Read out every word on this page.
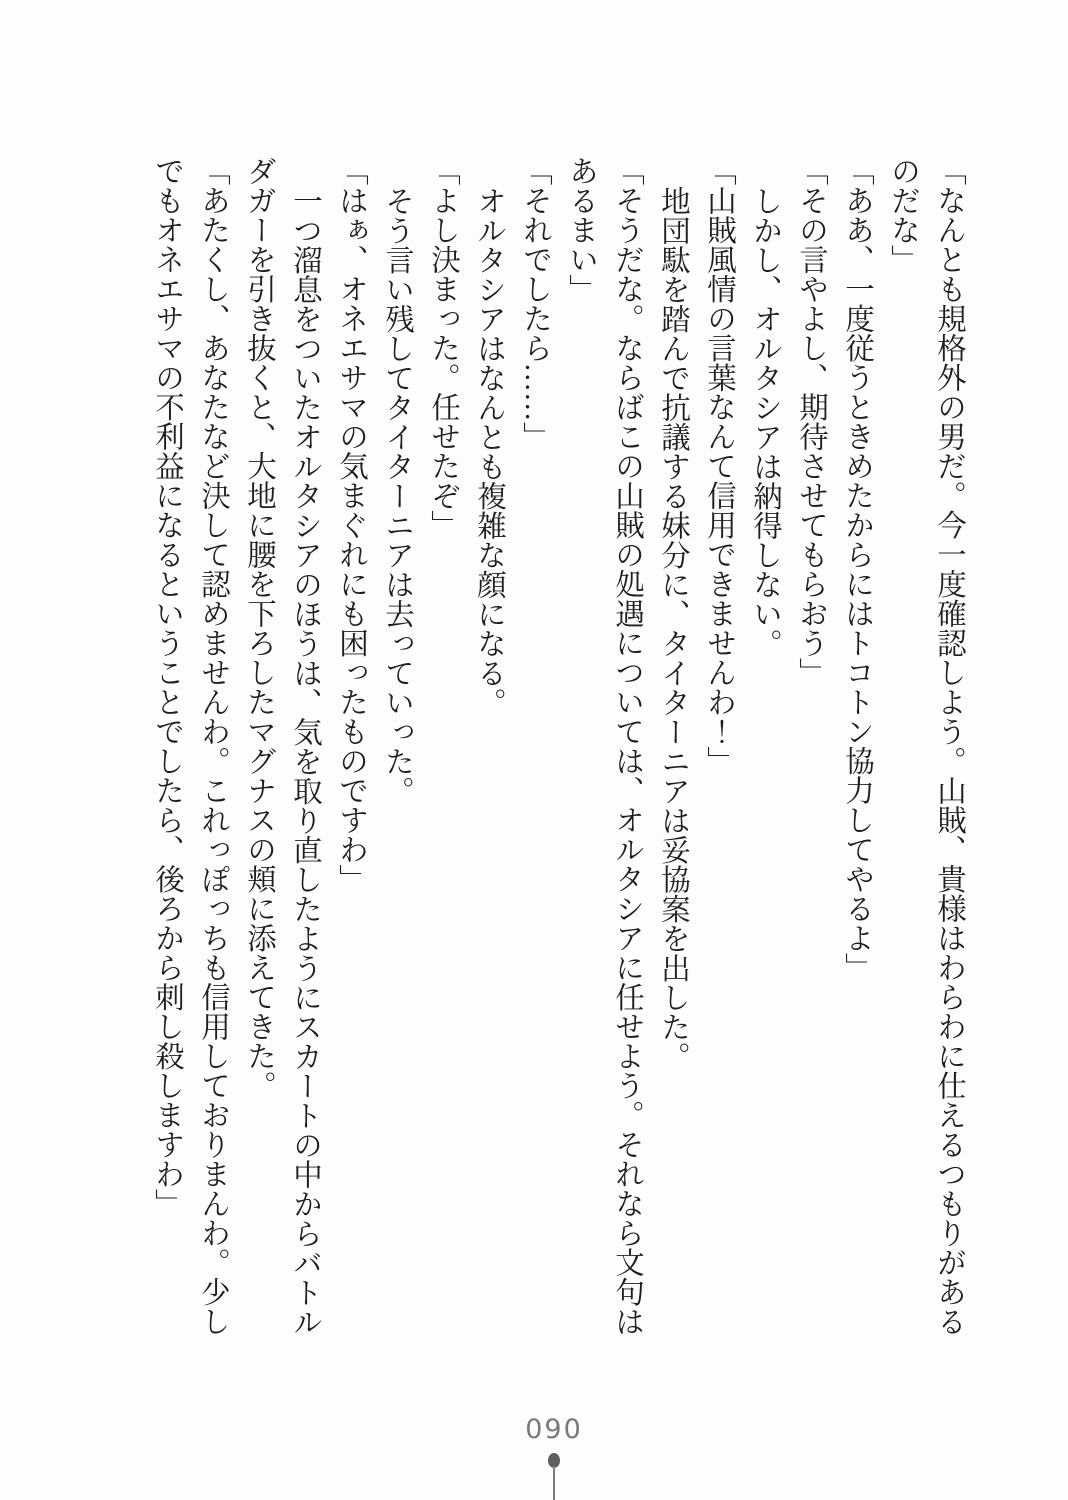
「なんとも規格外の男だ。今一度確認しよう。山賊、貴様はわらわに仕えるつもりがあるのだな」

「ああ、一度従うときめたからにはトコトン協力してやるよ」

「その言やよし、期待させてもらおう」

しかし、オルタシアは納得しない。

「山賊風情の言葉なんて信用できませんわ！」

地団駄を踏んで抗議する妹分に、タイターニアは妥協案を出した。

「そうだな。ならばこの山賊の処遇については、オルタシアに任せよう。それなら文句はあるまい」

「それでしたら……」

オルタシアはなんとも複雑な顔になる。

「よし決まった。任せたぞ」

そう言い残してタイターニアは去っていった。

「はぁ、オネエサマの気まぐれにも困ったものですわ」

一つ溜息をついたオルタシアのほうは、気を取り直したようにスカートの中からバトルダガーを引き抜くと、大地に腰を下ろしたマグナスの頬に添えてきた。

「あたくし、あなたなど決して認めませんわ。これっぽっちも信用しておりまんわ。少しでもオネエサマの不利益になるということでしたら、後ろから刺し殺しますわ」

090
